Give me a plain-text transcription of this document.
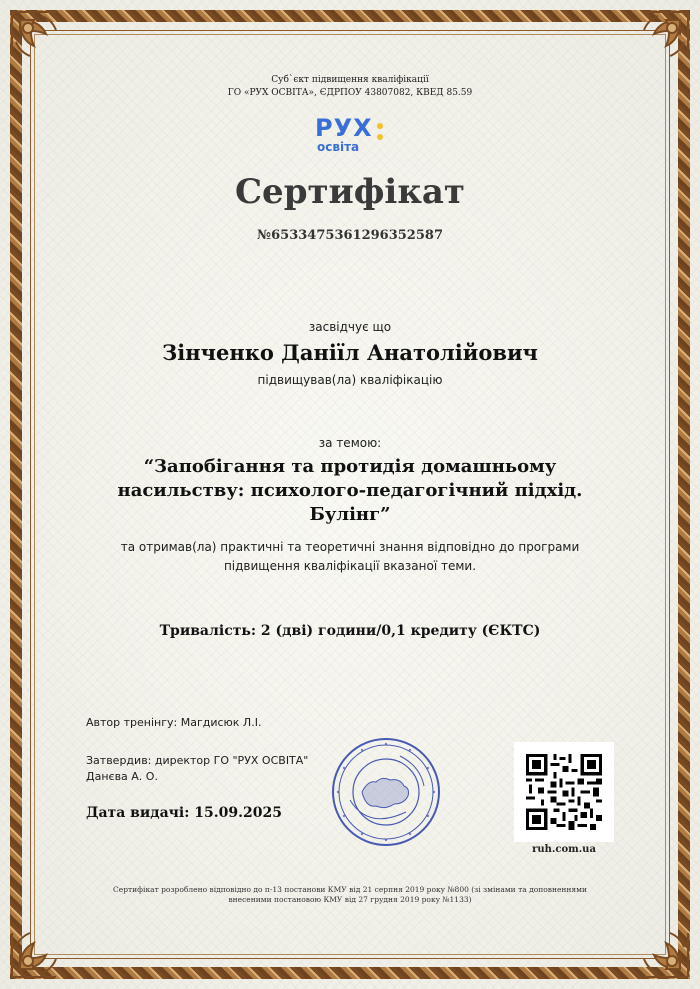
Суб`єкт підвищення кваліфікації
ГО «РУХ ОСВІТА», ЄДРПОУ 43807082, КВЕД 85.59
РУХ
освіта
Сертифікат
№6533475361296352587
засвідчує що
Зінченко Даніїл Анатолійович
підвищував(ла) кваліфікацію
за темою:
“Запобігання та протидія домашньому насильству: психолого-педагогічний підхід. Булінг”
та отримав(ла) практичні та теоретичні знання відповідно до програми
підвищення кваліфікації вказаної теми.
Тривалість: 2 (дві) години/0,1 кредиту (ЄКТС)
Автор тренінгу: Магдисюк Л.І.
Затвердив: директор ГО "РУХ ОСВІТА"
Данєва А. О.
Дата видачі: 15.09.2025
ruh.com.ua
Сертифікат розроблено відповідно до п-13 постанови КМУ від 21 серпня 2019 року №800 (зі змінами та доповненнями
внесеними постановою КМУ від 27 грудня 2019 року №1133)
